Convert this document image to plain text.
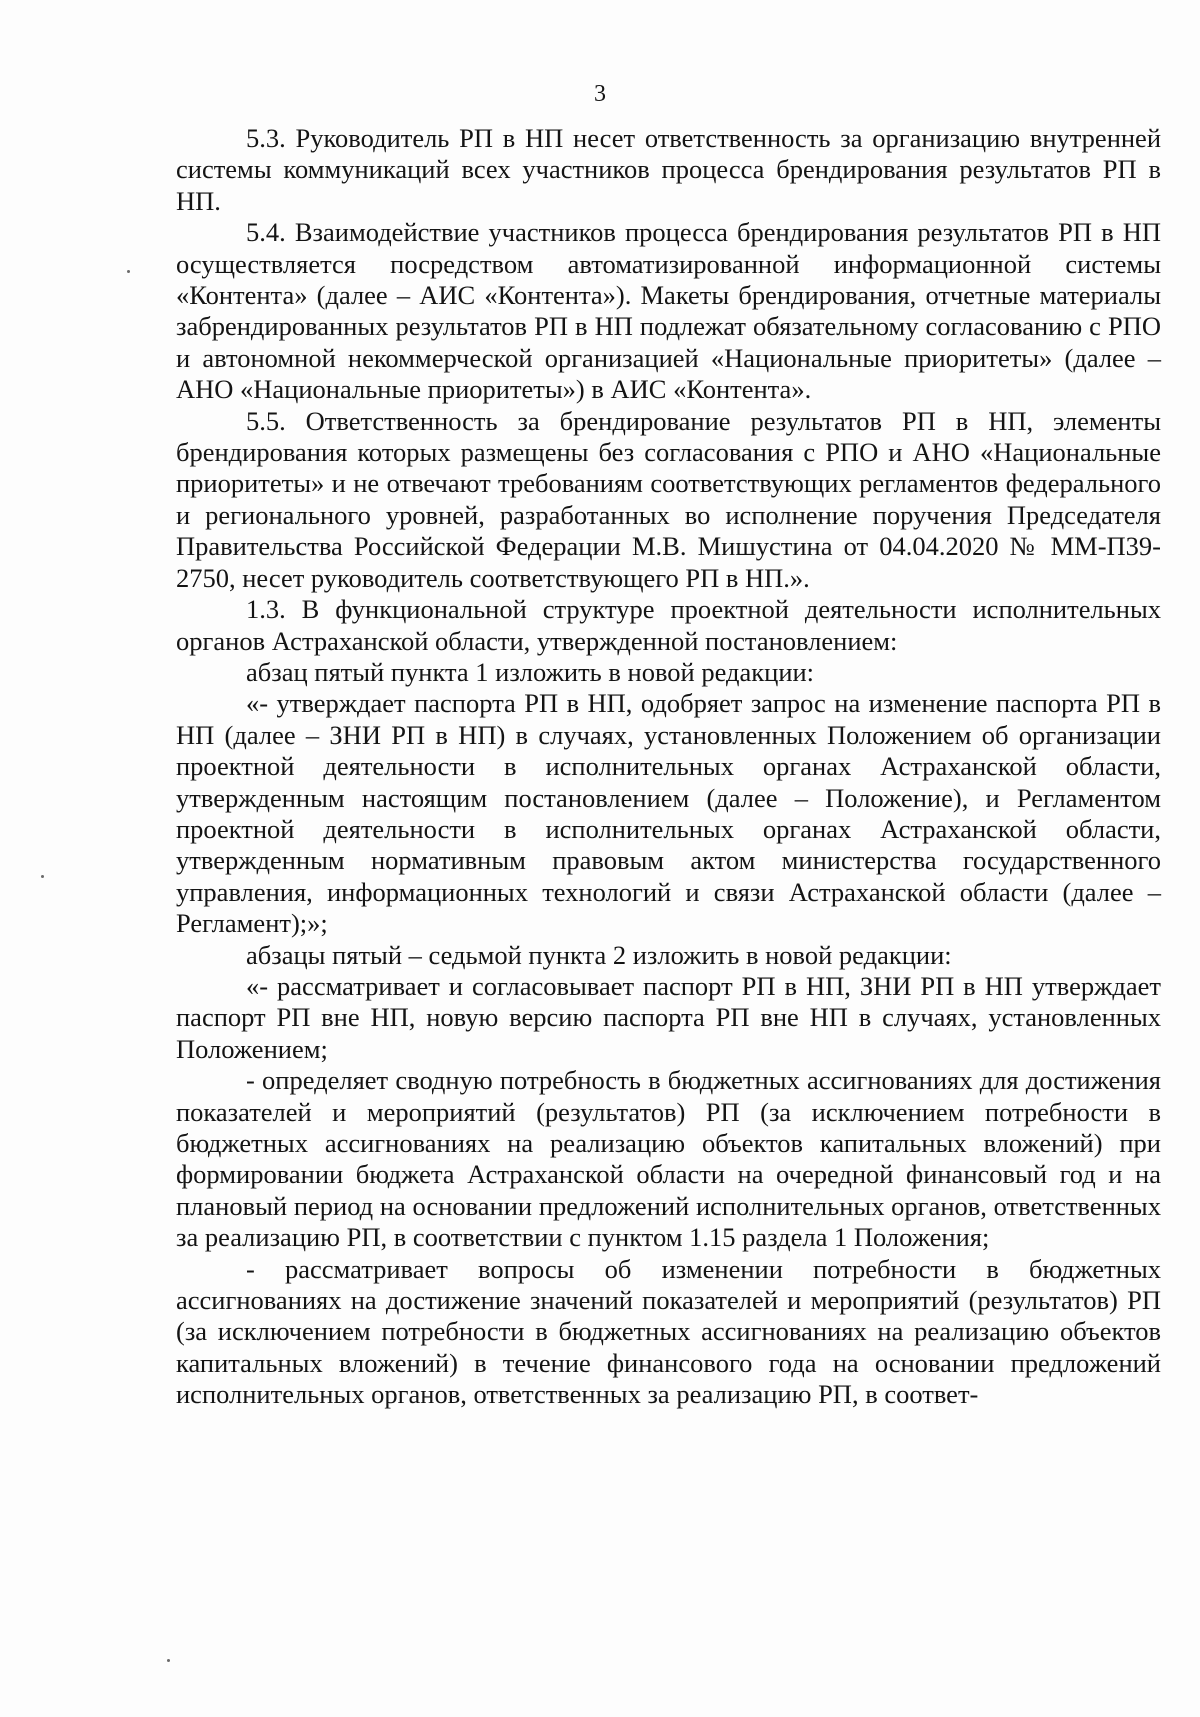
3

5.3. Руководитель РП в НП несет ответственность за организацию внутренней системы коммуникаций всех участников процесса брендирования результатов РП в НП.

5.4. Взаимодействие участников процесса брендирования результатов РП в НП осуществляется посредством автоматизированной информационной системы «Контента» (далее – АИС «Контента»). Макеты брендирования, отчетные материалы забрендированных результатов РП в НП подлежат обязательному согласованию с РПО и автономной некоммерческой организацией «Национальные приоритеты» (далее – АНО «Национальные приоритеты») в АИС «Контента».

5.5. Ответственность за брендирование результатов РП в НП, элементы брендирования которых размещены без согласования с РПО и АНО «Национальные приоритеты» и не отвечают требованиям соответствующих регламентов федерального и регионального уровней, разработанных во исполнение поручения Председателя Правительства Российской Федерации М.В. Мишустина от 04.04.2020 № ММ-П39-2750, несет руководитель соответствующего РП в НП.».

1.3. В функциональной структуре проектной деятельности исполнительных органов Астраханской области, утвержденной постановлением:

абзац пятый пункта 1 изложить в новой редакции:

«- утверждает паспорта РП в НП, одобряет запрос на изменение паспорта РП в НП (далее – ЗНИ РП в НП) в случаях, установленных Положением об организации проектной деятельности в исполнительных органах Астраханской области, утвержденным настоящим постановлением (далее – Положение), и Регламентом проектной деятельности в исполнительных органах Астраханской области, утвержденным нормативным правовым актом министерства государственного управления, информационных технологий и связи Астраханской области (далее – Регламент);»;

абзацы пятый – седьмой пункта 2 изложить в новой редакции:

«- рассматривает и согласовывает паспорт РП в НП, ЗНИ РП в НП утверждает паспорт РП вне НП, новую версию паспорта РП вне НП в случаях, установленных Положением;

- определяет сводную потребность в бюджетных ассигнованиях для достижения показателей и мероприятий (результатов) РП (за исключением потребности в бюджетных ассигнованиях на реализацию объектов капитальных вложений) при формировании бюджета Астраханской области на очередной финансовый год и на плановый период на основании предложений исполнительных органов, ответственных за реализацию РП, в соответствии с пунктом 1.15 раздела 1 Положения;

- рассматривает вопросы об изменении потребности в бюджетных ассигнованиях на достижение значений показателей и мероприятий (результатов) РП (за исключением потребности в бюджетных ассигнованиях на реализацию объектов капитальных вложений) в течение финансового года на основании предложений исполнительных органов, ответственных за реализацию РП, в соответ-
